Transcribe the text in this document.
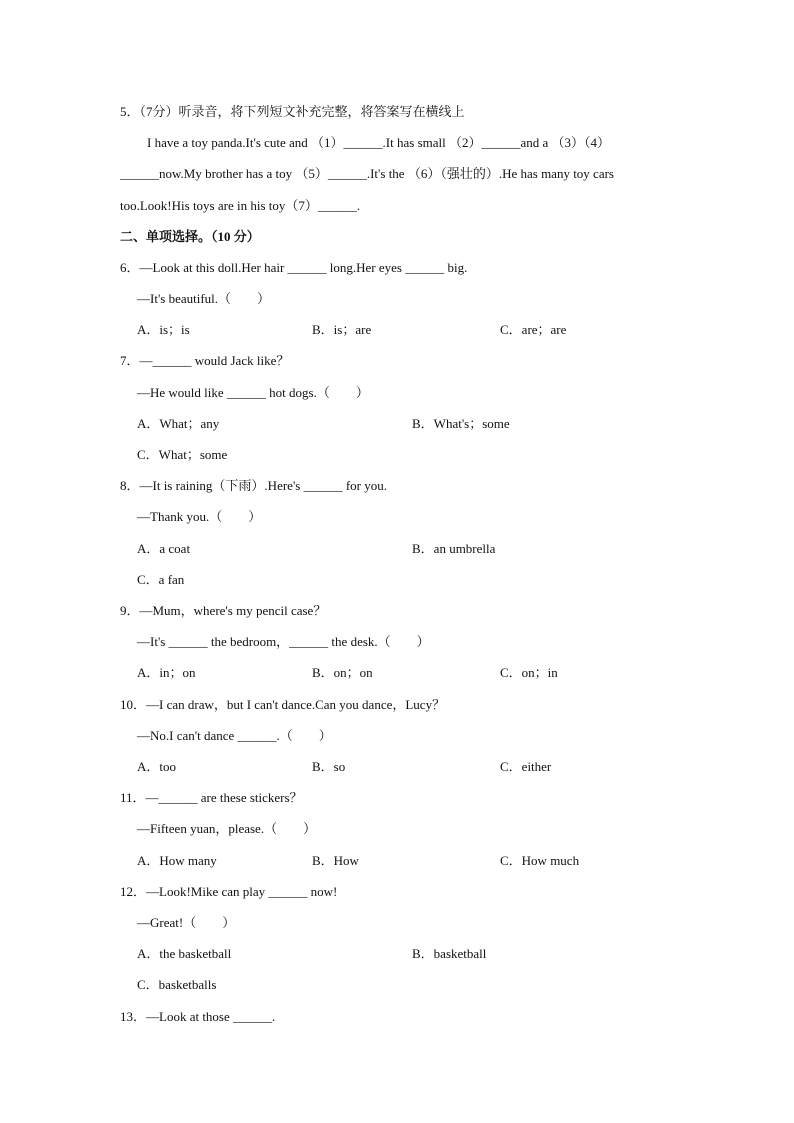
5．（7分）听录音，将下列短文补充完整，将答案写在横线上
I have a toy panda.It's cute and （1）______.It has small （2）______and a （3）（4）
______now.My brother has a toy （5）______.It's the （6）（强壮的）.He has many toy cars
too.Look!His toys are in his toy（7）______.
二、单项选择。（10 分）
6．—Look at this doll.Her hair ______ long.Her eyes ______ big.
—It's beautiful.（　　）
A．is；is	B．is；are	C．are；are
7．—______ would Jack like？
—He would like ______ hot dogs.（　　）
A．What；any	B．What's；some
C．What；some
8．—It is raining（下雨）.Here's ______ for you.
—Thank you.（　　）
A．a coat	B．an umbrella
C．a fan
9．—Mum，where's my pencil case？
—It's ______ the bedroom，______ the desk.（　　）
A．in；on	B．on；on	C．on；in
10．—I can draw，but I can't dance.Can you dance，Lucy？
—No.I can't dance ______.（　　）
A．too	B．so	C．either
11．—______ are these stickers？
—Fifteen yuan，please.（　　）
A．How many	B．How	C．How much
12．—Look!Mike can play ______ now!
—Great!（　　）
A．the basketball	B．basketball
C．basketballs
13．—Look at those ______.
